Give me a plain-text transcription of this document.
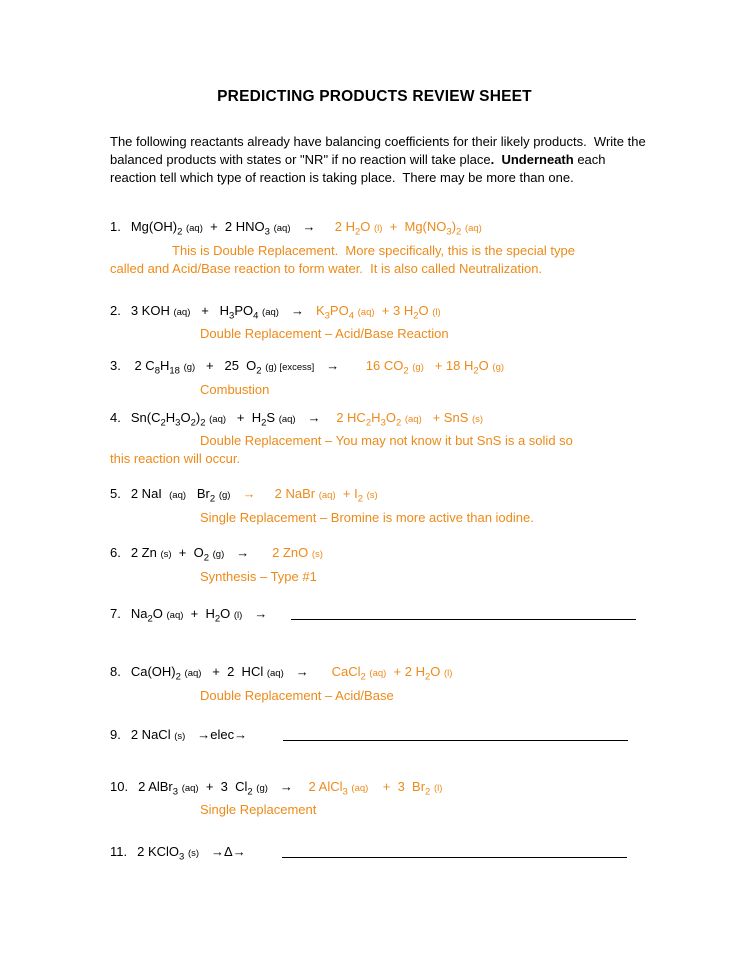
PREDICTING PRODUCTS REVIEW SHEET

The following reactants already have balancing coefficients for their likely products.  Write the balanced products with states or "NR" if no reaction will take place.  Underneath each reaction tell which type of reaction is taking place.  There may be more than one.

1. $Mg(OH)_2$ (aq)  +  2 $HNO_3$ (aq) →  2 $H_2O$ $(l) + Mg(NO_3)_2$ (aq)
This is Double Replacement.  More specifically, this is the special type
called and Acid/Base reaction to form water.  It is also called Neutralization.
2. 3 KOH $(aq) + H_3PO_4$ $(aq) \to K_3PO_4$ (aq)  + 3 $H_2O$ (l)
Double Replacement – Acid/Base Reaction
3. 2 $C_8H_{18}$ (g)   +   25  $O_2$ (g) [excess] →    16 $CO_2$ (g)   + 18 $H_2O$ (g)
Combustion
4. $Sn(C_2H_3O_2)_2$ $(aq) + H_2S$ (aq) → 2 $HC_2H_3O_2$ (aq)   + SnS (s)
Double Replacement – You may not know it but SnS is a solid so
this reaction will occur.
5. 2 NaI  (aq)   $Br_2$ (g) →  2 NaBr $(aq) + I_2$ (s)
Single Replacement – Bromine is more active than iodine.
6. 2 Zn $(s) + O_2$ (g) →   2 ZnO (s)
Synthesis – Type #1
7. $Na_2O$ $(aq) + H_2O$ (l) →
8. $Ca(OH)_2$ (aq)   +  2  HCl (aq) →   CaCl$_2$ (aq)  + 2 $H_2O$ (l)
Double Replacement – Acid/Base
9. 2 NaCl (s) →elec→
10. 2 AlBr$_3$ (aq)  +  3  $Cl_2$ (g) → 2 AlCl$_3$ (aq)    +  3  $Br_2$ (l)
Single Replacement
11. 2 KClO$_3$ (s) →Δ→
